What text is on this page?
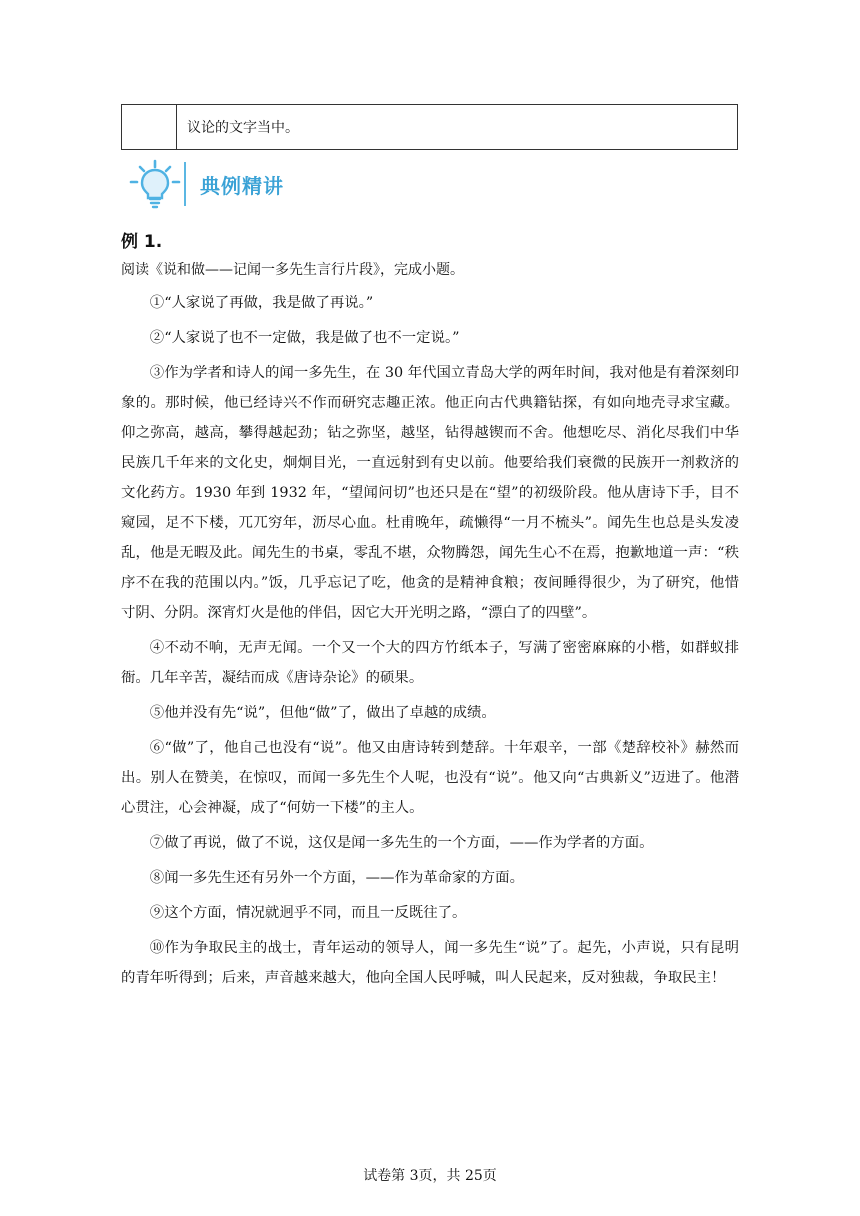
议论的文字当中。
典例精讲
例 1.

阅读《说和做——记闻一多先生言行片段》，完成小题。

①“人家说了再做，我是做了再说。”

②“人家说了也不一定做，我是做了也不一定说。”

③作为学者和诗人的闻一多先生，在 30 年代国立青岛大学的两年时间，我对他是有着深刻印象的。那时候，他已经诗兴不作而研究志趣正浓。他正向古代典籍钻探，有如向地壳寻求宝藏。仰之弥高，越高，攀得越起劲；钻之弥坚，越坚，钻得越锲而不舍。他想吃尽、消化尽我们中华民族几千年来的文化史，炯炯目光，一直远射到有史以前。他要给我们衰微的民族开一剂救济的文化药方。1930 年到 1932 年，“望闻问切”也还只是在“望”的初级阶段。他从唐诗下手，目不窥园，足不下楼，兀兀穷年，沥尽心血。杜甫晚年，疏懒得“一月不梳头”。闻先生也总是头发凌乱，他是无暇及此。闻先生的书桌，零乱不堪，众物腾怨，闻先生心不在焉，抱歉地道一声：“秩序不在我的范围以内。”饭，几乎忘记了吃，他贪的是精神食粮；夜间睡得很少，为了研究，他惜寸阴、分阴。深宵灯火是他的伴侣，因它大开光明之路，“漂白了的四壁”。

④不动不响，无声无闻。一个又一个大的四方竹纸本子，写满了密密麻麻的小楷，如群蚁排衙。几年辛苦，凝结而成《唐诗杂论》的硕果。

⑤他并没有先“说”，但他“做”了，做出了卓越的成绩。

⑥“做”了，他自己也没有“说”。他又由唐诗转到楚辞。十年艰辛，一部《楚辞校补》赫然而出。别人在赞美，在惊叹，而闻一多先生个人呢，也没有“说”。他又向“古典新义”迈进了。他潜心贯注，心会神凝，成了“何妨一下楼”的主人。

⑦做了再说，做了不说，这仅是闻一多先生的一个方面，——作为学者的方面。

⑧闻一多先生还有另外一个方面，——作为革命家的方面。

⑨这个方面，情况就迥乎不同，而且一反既往了。

⑩作为争取民主的战士，青年运动的领导人，闻一多先生“说”了。起先，小声说，只有昆明的青年听得到；后来，声音越来越大，他向全国人民呼喊，叫人民起来，反对独裁，争取民主！

试卷第 3页，共 25页
